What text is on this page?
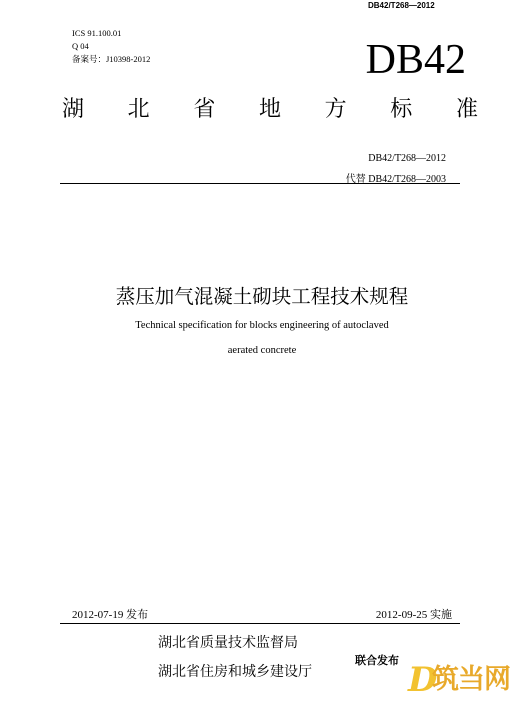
DB42/T268—2012
ICS 91.100.01
Q 04
备案号：J10398-2012	DB42
湖 北 省 地 方 标 准
DB42/T268—2012
代替 DB42/T268—2003
蒸压加气混凝土砌块工程技术规程
Technical specification for blocks engineering of autoclaved
aerated concrete
2012-07-19 发布	2012-09-25 实施
湖北省质量技术监督局
湖北省住房和城乡建设厅
联合发布 D
筑当网
